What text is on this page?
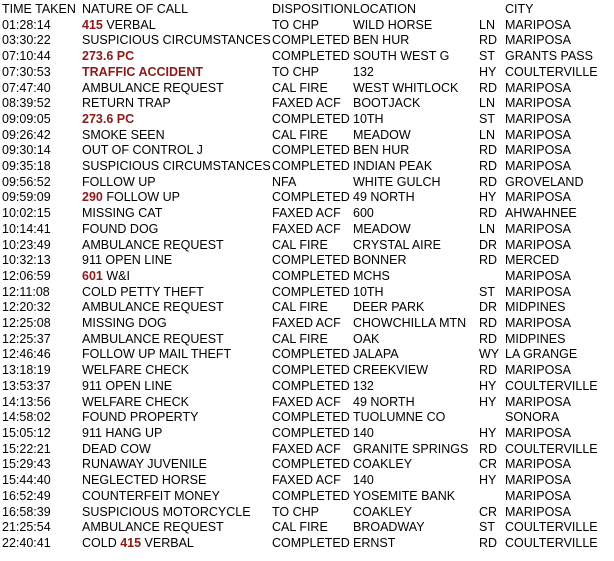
TIME TAKEN	NATURE OF CALL	DISPOSITION	LOCATION		CITY
01:28:14	415 VERBAL	TO CHP	WILD HORSE	LN	MARIPOSA
03:30:22	SUSPICIOUS CIRCUMSTANCES	COMPLETED	BEN HUR	RD	MARIPOSA
07:10:44	273.6 PC	COMPLETED	SOUTH WEST G	ST	GRANTS PASS
07:30:53	TRAFFIC ACCIDENT	TO CHP	132	HY	COULTERVILLE
07:47:40	AMBULANCE REQUEST	CAL FIRE	WEST WHITLOCK	RD	MARIPOSA
08:39:52	RETURN TRAP	FAXED ACF	BOOTJACK	LN	MARIPOSA
09:09:05	273.6 PC	COMPLETED	10TH	ST	MARIPOSA
09:26:42	SMOKE SEEN	CAL FIRE	MEADOW	LN	MARIPOSA
09:30:14	OUT OF CONTROL J	COMPLETED	BEN HUR	RD	MARIPOSA
09:35:18	SUSPICIOUS CIRCUMSTANCES	COMPLETED	INDIAN PEAK	RD	MARIPOSA
09:56:52	FOLLOW UP	NFA	WHITE GULCH	RD	GROVELAND
09:59:09	290 FOLLOW UP	COMPLETED	49 NORTH	HY	MARIPOSA
10:02:15	MISSING CAT	FAXED ACF	600	RD	AHWAHNEE
10:14:41	FOUND DOG	FAXED ACF	MEADOW	LN	MARIPOSA
10:23:49	AMBULANCE REQUEST	CAL FIRE	CRYSTAL AIRE	DR	MARIPOSA
10:32:13	911 OPEN LINE	COMPLETED	BONNER	RD	MERCED
12:06:59	601 W&I	COMPLETED	MCHS		MARIPOSA
12:11:08	COLD PETTY THEFT	COMPLETED	10TH	ST	MARIPOSA
12:20:32	AMBULANCE REQUEST	CAL FIRE	DEER PARK	DR	MIDPINES
12:25:08	MISSING DOG	FAXED ACF	CHOWCHILLA MTN	RD	MARIPOSA
12:25:37	AMBULANCE REQUEST	CAL FIRE	OAK	RD	MIDPINES
12:46:46	FOLLOW UP MAIL THEFT	COMPLETED	JALAPA	WY	LA GRANGE
13:18:19	WELFARE CHECK	COMPLETED	CREEKVIEW	RD	MARIPOSA
13:53:37	911 OPEN LINE	COMPLETED	132	HY	COULTERVILLE
14:13:56	WELFARE CHECK	FAXED ACF	49 NORTH	HY	MARIPOSA
14:58:02	FOUND PROPERTY	COMPLETED	TUOLUMNE CO		SONORA
15:05:12	911 HANG UP	COMPLETED	140	HY	MARIPOSA
15:22:21	DEAD COW	FAXED ACF	GRANITE SPRINGS	RD	COULTERVILLE
15:29:43	RUNAWAY JUVENILE	COMPLETED	COAKLEY	CR	MARIPOSA
15:44:40	NEGLECTED HORSE	FAXED ACF	140	HY	MARIPOSA
16:52:49	COUNTERFEIT MONEY	COMPLETED	YOSEMITE BANK		MARIPOSA
16:58:39	SUSPICIOUS MOTORCYCLE	TO CHP	COAKLEY	CR	MARIPOSA
21:25:54	AMBULANCE REQUEST	CAL FIRE	BROADWAY	ST	COULTERVILLE
22:40:41	COLD 415 VERBAL	COMPLETED	ERNST	RD	COULTERVILLE
